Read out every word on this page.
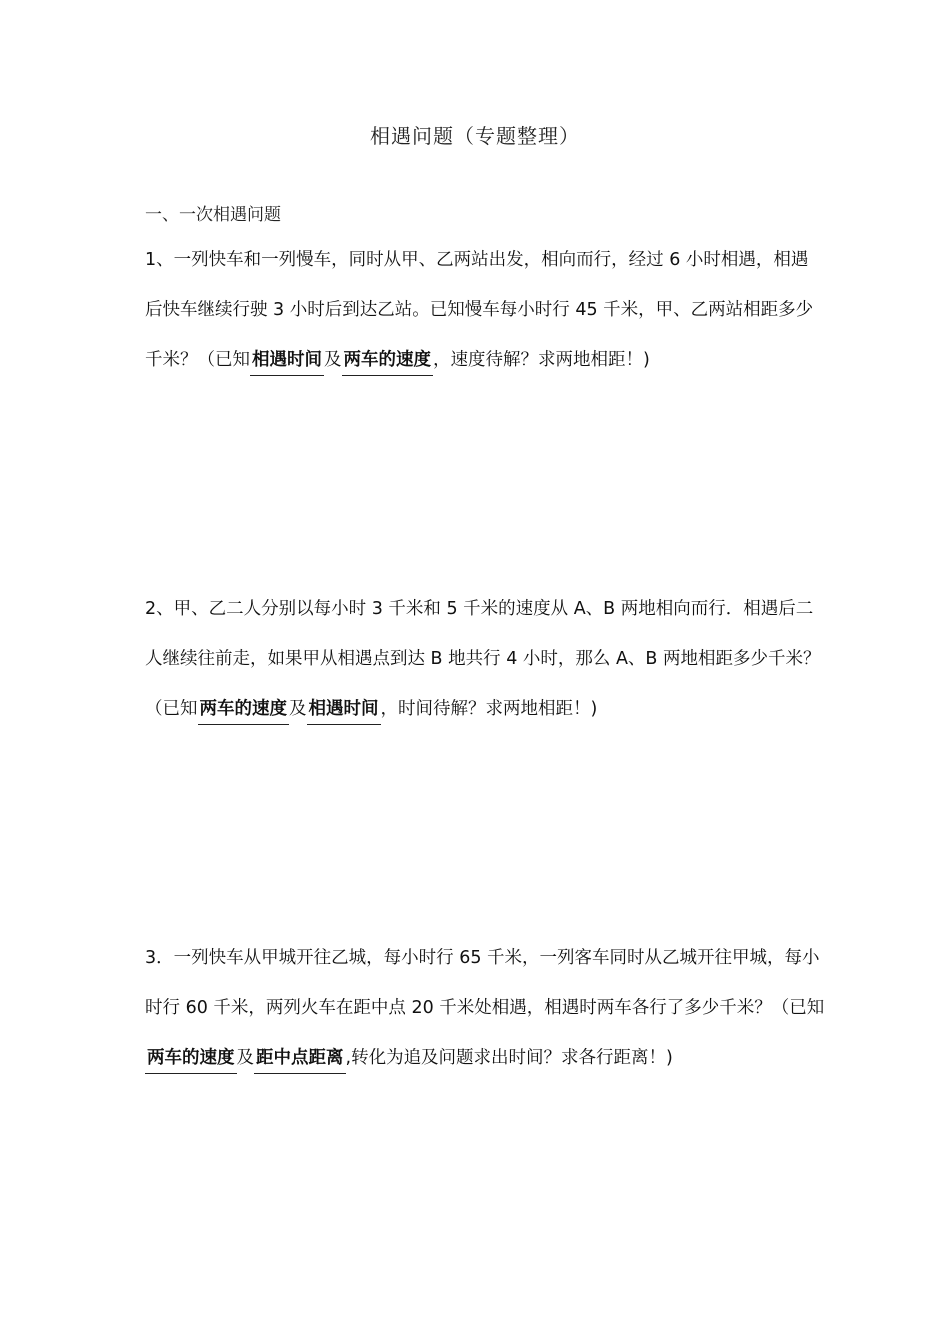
相遇问题（专题整理）
一、一次相遇问题

1、一列快车和一列慢车，同时从甲、乙两站出发，相向而行，经过 6 小时相遇，相遇后快车继续行驶 3 小时后到达乙站。已知慢车每小时行 45 千米，甲、乙两站相距多少千米？（已知 相遇时间 及 两车的速度 ，速度待解？求两地相距！)

2、甲、乙二人分别以每小时 3 千米和 5 千米的速度从 A、B 两地相向而行．相遇后二人继续往前走，如果甲从相遇点到达 B 地共行 4 小时，那么 A、B 两地相距多少千米？（已知 两车的速度 及 相遇时间 ，时间待解？求两地相距！)

3．一列快车从甲城开往乙城，每小时行 65 千米，一列客车同时从乙城开往甲城，每小时行 60 千米，两列火车在距中点 20 千米处相遇，相遇时两车各行了多少千米？（已知两车的速度 及 距中点距离 ,转化为追及问题求出时间？求各行距离！)
